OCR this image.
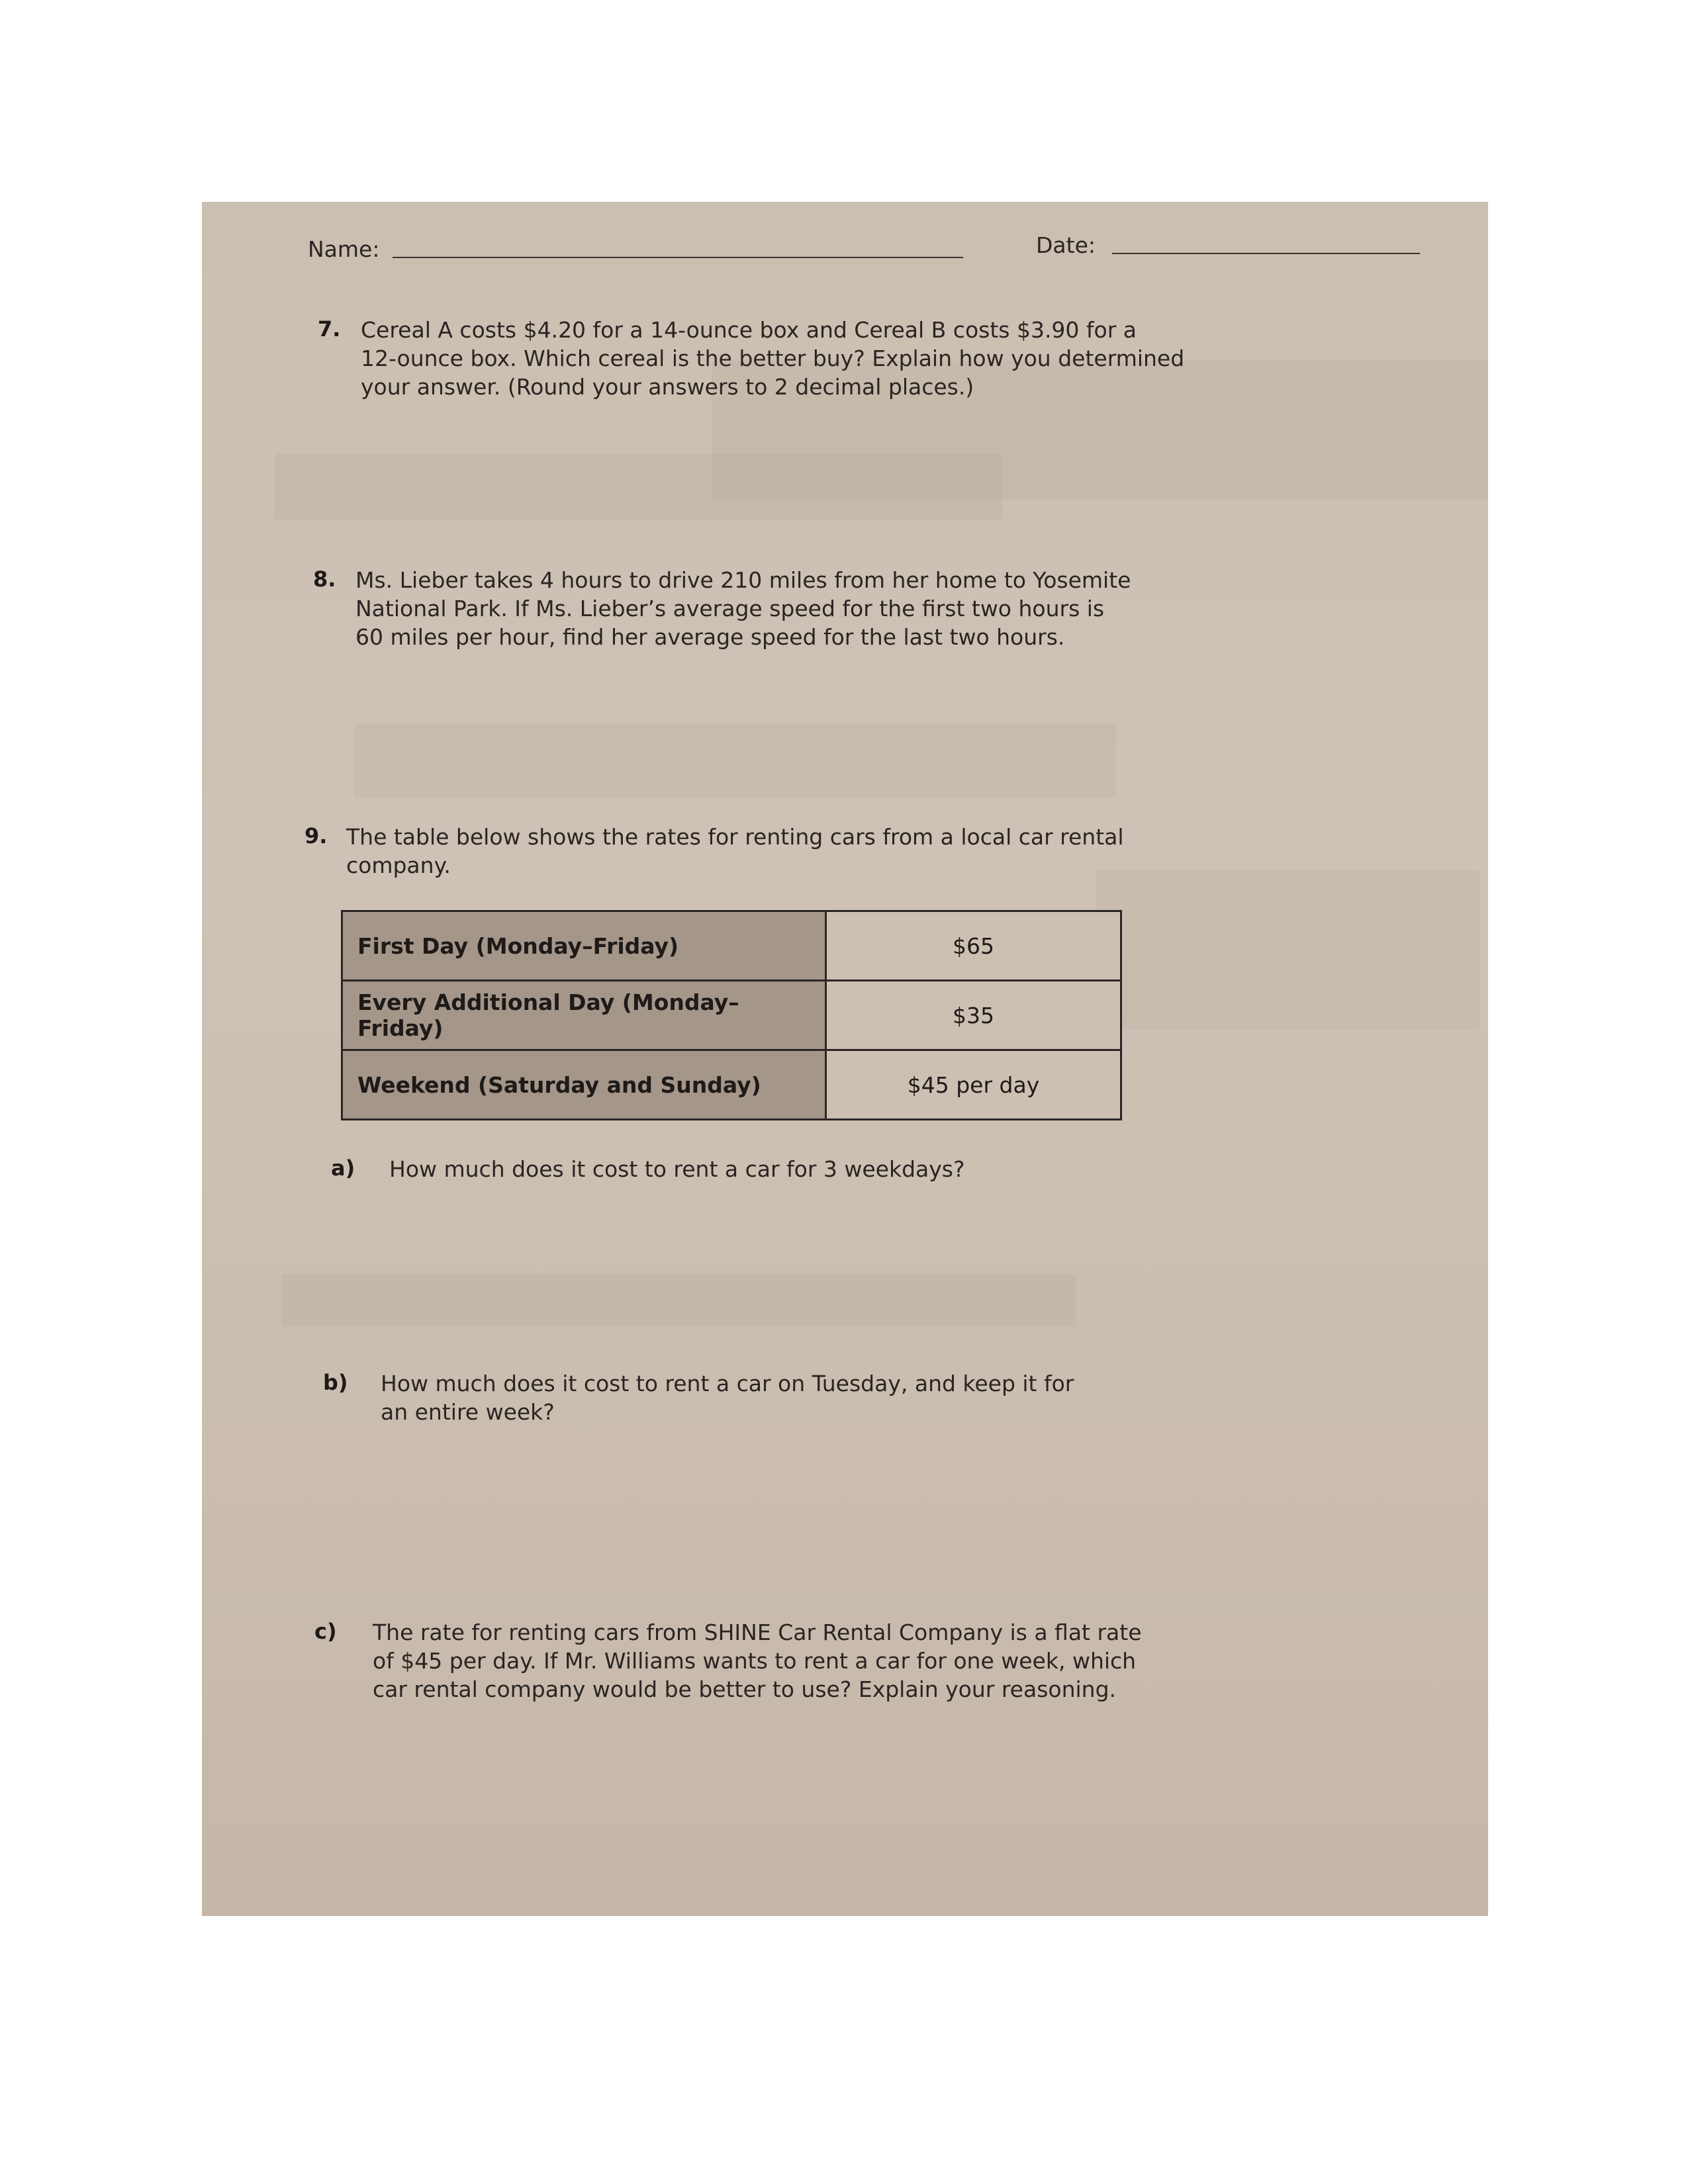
Name:	Date:
7. Cereal A costs $4.20 for a 14-ounce box and Cereal B costs $3.90 for a
12-ounce box. Which cereal is the better buy? Explain how you determined
your answer. (Round your answers to 2 decimal places.)
8. Ms. Lieber takes 4 hours to drive 210 miles from her home to Yosemite
National Park. If Ms. Lieber’s average speed for the first two hours is
60 miles per hour, find her average speed for the last two hours.
9. The table below shows the rates for renting cars from a local car rental
company.
First Day (Monday–Friday)	$65
Every Additional Day (Monday–Friday)	$35
Weekend (Saturday and Sunday)	$45 per day
a) How much does it cost to rent a car for 3 weekdays?
b) How much does it cost to rent a car on Tuesday, and keep it for
an entire week?
c) The rate for renting cars from SHINE Car Rental Company is a flat rate
of $45 per day. If Mr. Williams wants to rent a car for one week, which
car rental company would be better to use? Explain your reasoning.
